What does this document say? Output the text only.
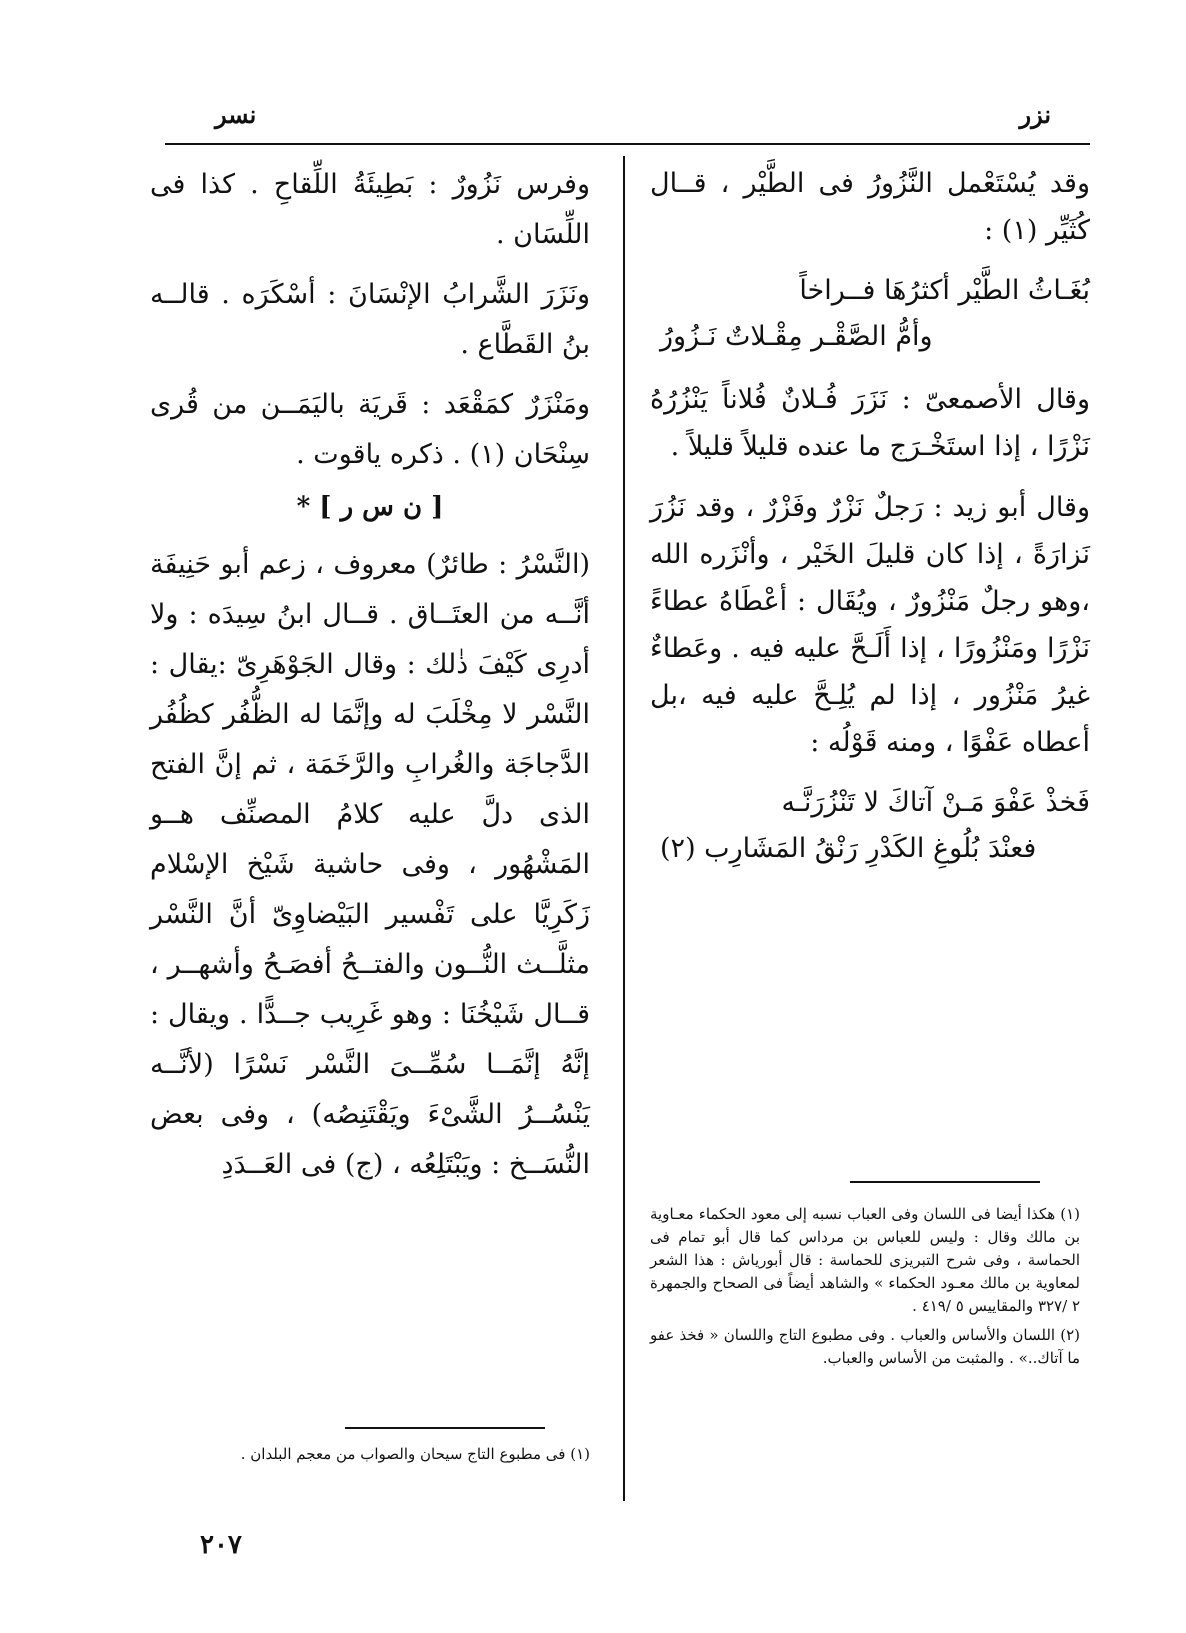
نزر
نسر

وقد يُسْتَعْمل النَّزُورُ فى الطَّيْر ، قــال كُثَيِّر (١) :

بُغَـاثُ الطَّيْر أكثرُهَا فــراخاً
وأمُّ الصَّقْـر مِقْـلاتٌ نَـزُورُ

وقال الأصمعىّ : نَزَرَ فُـلانٌ فُلاناً يَنْزُرُهُ نَزْرًا ، إذا استَخْـرَج ما عنده قليلاً قليلاً .

وقال أبو زيد : رَجلٌ نَزْرٌ وفَزْرٌ ، وقد نَزُرَ نَزارَةً ، إذا كان قليلَ الخَيْر ، وأنْزَره الله ،وهو رجلٌ مَنْزُورٌ ، ويُقَال : أعْطَاهُ عطاءً نَزْرًا ومَنْزُورًا ، إذا أَلَـحَّ عليه فيه . وعَطاءٌ غيرُ مَنْزُور ، إذا لم يُلِـحَّ عليه فيه ،بل أعطاه عَفْوًا ، ومنه قَوْلُه :

فَخذْ عَفْوَ مَـنْ آتاكَ لا تَنْزُرَنَّـه
فعنْدَ بُلُوغِ الكَدْرِ رَنْقُ المَشَارِب (٢)

وفرس نَزُورٌ : بَطِيئَةُ اللِّقاحِ . كذا فى اللِّسَان .

ونَزَرَ الشَّرابُ الإنْسَانَ : أسْكَرَه . قالــه بنُ القَطَّاع .

ومَنْزَرٌ كمَقْعَد : قَريَة باليَمَــن من قُرى سِنْحَان (١) . ذكره ياقوت .

[ ن س ر ] *

(النَّسْرُ : طائرٌ) معروف ، زعم أبو حَنِيفَة أنَّــه من العتَــاق . قــال ابنُ سِيدَه : ولا أدرِى كَيْفَ ذٰلك : وقال الجَوْهَرِىّ :يقال : النَّسْر لا مِخْلَبَ له وإنَّمَا له الظُّفُر كظُفُر الدَّجاجَة والغُرابِ والرَّخَمَة ، ثم إنَّ الفتح الذى دلَّ عليه كلامُ المصنِّف هــو المَشْهُور ، وفى حاشية شَيْخ الإسْلام زَكَرِيَّا على تَفْسير البَيْضاوِىّ أنَّ النَّسْر مثلَّــث النُّــون والفتــحُ أفصَـحُ وأشهــر ، قــال شَيْخُنَا : وهو غَرِيب جــدًّا . ويقال : إنَّهُ إنَّمَــا سُمِّــىَ النَّسْر نَسْرًا (لأنَّــه يَنْسُــرُ الشَّىْءَ ويَقْتَنِصُه) ، وفى بعض النُّسَــخ : ويَبْتَلِعُه ، (ج) فى العَــدَدِ

(١) هكذا أيضا فى اللسان وفى العباب نسبه إلى معود الحكماء معـاوية بن مالك وقال : وليس للعباس بن مرداس كما قال أبو تمام فى الحماسة ، وفى شرح التبريزى للحماسة : قال أبورياش : هذا الشعر لمعاوية بن مالك معـود الحكماء » والشاهد أيضاً فى الصحاح والجمهرة ٢ /٣٢٧ والمقاييس ٥ /٤١٩ .

(٢) اللسان والأساس والعباب . وفى مطبوع التاج واللسان « فخذ عفو ما آتاك..» . والمثبت من الأساس والعباب.

(١) فى مطبوع التاج سيحان والصواب من معجم البلدان .

٢٠٧
